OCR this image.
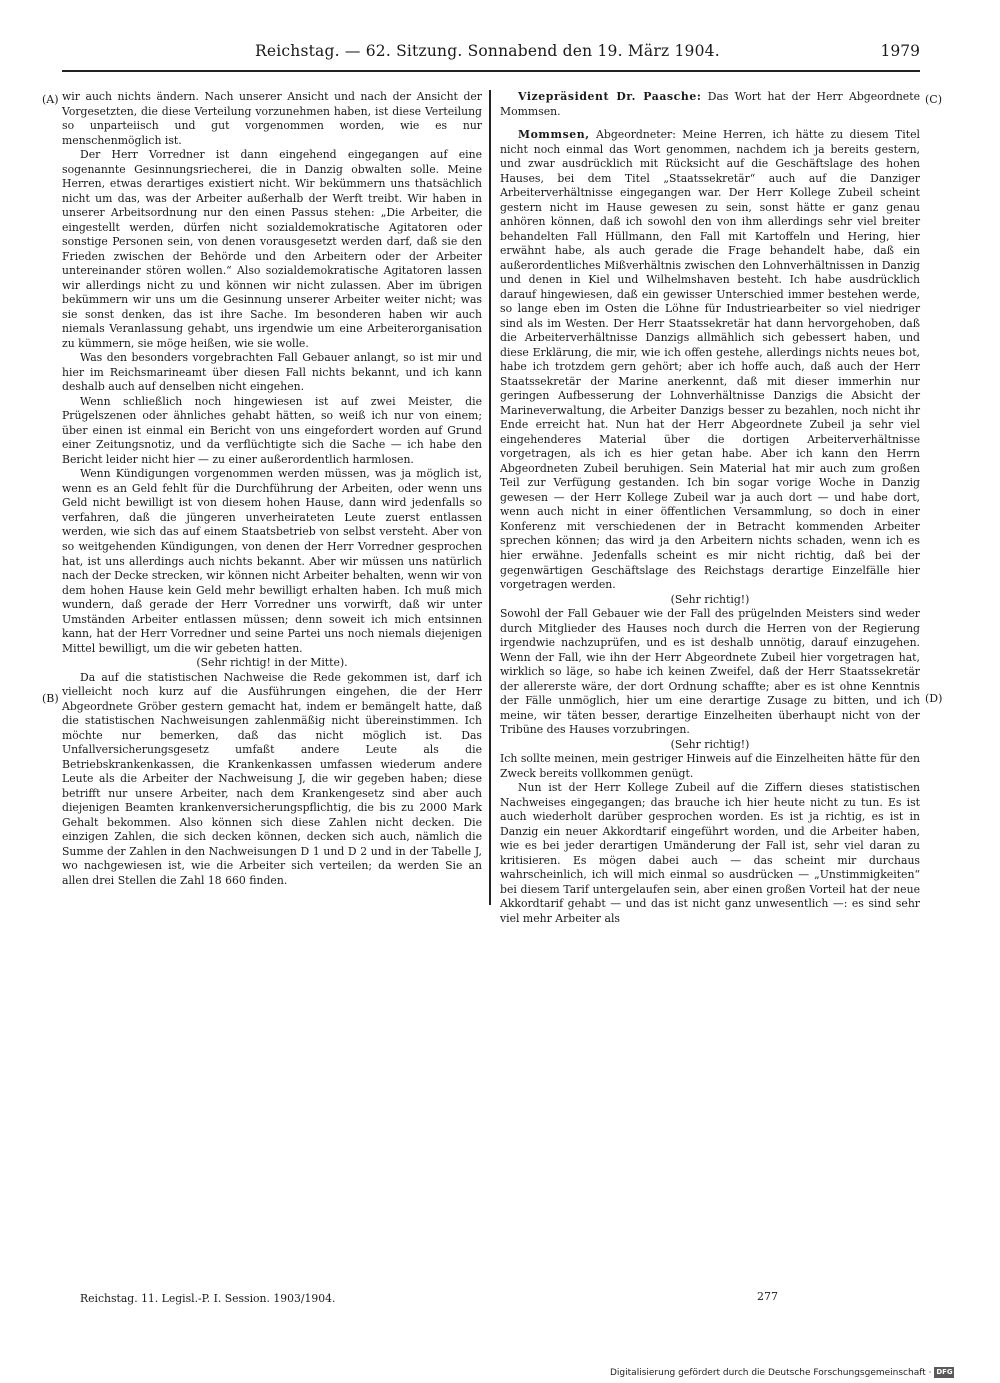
Reichstag. — 62. Sitzung. Sonnabend den 19. März 1904.	1979
(A)
(B)
(C)
(D)

wir auch nichts ändern. Nach unserer Ansicht und nach der Ansicht der Vorgesetzten, die diese Verteilung vorzunehmen haben, ist diese Verteilung so unparteiisch und gut vorgenommen worden, wie es nur menschenmöglich ist.

Der Herr Vorredner ist dann eingehend eingegangen auf eine sogenannte Gesinnungsriecherei, die in Danzig obwalten solle. Meine Herren, etwas derartiges existiert nicht. Wir bekümmern uns thatsächlich nicht um das, was der Arbeiter außerhalb der Werft treibt. Wir haben in unserer Arbeitsordnung nur den einen Passus stehen: „Die Arbeiter, die eingestellt werden, dürfen nicht sozialdemokratische Agitatoren oder sonstige Personen sein, von denen vorausgesetzt werden darf, daß sie den Frieden zwischen der Behörde und den Arbeitern oder der Arbeiter untereinander stören wollen.“ Also sozialdemokratische Agitatoren lassen wir allerdings nicht zu und können wir nicht zulassen. Aber im übrigen bekümmern wir uns um die Gesinnung unserer Arbeiter weiter nicht; was sie sonst denken, das ist ihre Sache. Im besonderen haben wir auch niemals Veranlassung gehabt, uns irgendwie um eine Arbeiterorganisation zu kümmern, sie möge heißen, wie sie wolle.

Was den besonders vorgebrachten Fall Gebauer anlangt, so ist mir und hier im Reichsmarineamt über diesen Fall nichts bekannt, und ich kann deshalb auch auf denselben nicht eingehen.

Wenn schließlich noch hingewiesen ist auf zwei Meister, die Prügelszenen oder ähnliches gehabt hätten, so weiß ich nur von einem; über einen ist einmal ein Bericht von uns eingefordert worden auf Grund einer Zeitungsnotiz, und da verflüchtigte sich die Sache — ich habe den Bericht leider nicht hier — zu einer außerordentlich harmlosen.

Wenn Kündigungen vorgenommen werden müssen, was ja möglich ist, wenn es an Geld fehlt für die Durchführung der Arbeiten, oder wenn uns Geld nicht bewilligt ist von diesem hohen Hause, dann wird jedenfalls so verfahren, daß die jüngeren unverheirateten Leute zuerst entlassen werden, wie sich das auf einem Staatsbetrieb von selbst versteht. Aber von so weitgehenden Kündigungen, von denen der Herr Vorredner gesprochen hat, ist uns allerdings auch nichts bekannt. Aber wir müssen uns natürlich nach der Decke strecken, wir können nicht Arbeiter behalten, wenn wir von dem hohen Hause kein Geld mehr bewilligt erhalten haben. Ich muß mich wundern, daß gerade der Herr Vorredner uns vorwirft, daß wir unter Umständen Arbeiter entlassen müssen; denn soweit ich mich entsinnen kann, hat der Herr Vorredner und seine Partei uns noch niemals diejenigen Mittel bewilligt, um die wir gebeten hatten.

(Sehr richtig! in der Mitte).

Da auf die statistischen Nachweise die Rede gekommen ist, darf ich vielleicht noch kurz auf die Ausführungen eingehen, die der Herr Abgeordnete Gröber gestern gemacht hat, indem er bemängelt hatte, daß die statistischen Nachweisungen zahlenmäßig nicht übereinstimmen. Ich möchte nur bemerken, daß das nicht möglich ist. Das Unfallversicherungsgesetz umfaßt andere Leute als die Betriebskrankenkassen, die Krankenkassen umfassen wiederum andere Leute als die Arbeiter der Nachweisung J, die wir gegeben haben; diese betrifft nur unsere Arbeiter, nach dem Krankengesetz sind aber auch diejenigen Beamten krankenversicherungspflichtig, die bis zu 2000 Mark Gehalt bekommen. Also können sich diese Zahlen nicht decken. Die einzigen Zahlen, die sich decken können, decken sich auch, nämlich die Summe der Zahlen in den Nachweisungen D 1 und D 2 und in der Tabelle J, wo nachgewiesen ist, wie die Arbeiter sich verteilen; da werden Sie an allen drei Stellen die Zahl 18 660 finden.

Vizepräsident Dr. Paasche: Das Wort hat der Herr Abgeordnete Mommsen.

Mommsen, Abgeordneter: Meine Herren, ich hätte zu diesem Titel nicht noch einmal das Wort genommen, nachdem ich ja bereits gestern, und zwar ausdrücklich mit Rücksicht auf die Geschäftslage des hohen Hauses, bei dem Titel „Staatssekretär“ auch auf die Danziger Arbeiterverhältnisse eingegangen war. Der Herr Kollege Zubeil scheint gestern nicht im Hause gewesen zu sein, sonst hätte er ganz genau anhören können, daß ich sowohl den von ihm allerdings sehr viel breiter behandelten Fall Hüllmann, den Fall mit Kartoffeln und Hering, hier erwähnt habe, als auch gerade die Frage behandelt habe, daß ein außerordentliches Mißverhältnis zwischen den Lohnverhältnissen in Danzig und denen in Kiel und Wilhelmshaven besteht. Ich habe ausdrücklich darauf hingewiesen, daß ein gewisser Unterschied immer bestehen werde, so lange eben im Osten die Löhne für Industriearbeiter so viel niedriger sind als im Westen. Der Herr Staatssekretär hat dann hervorgehoben, daß die Arbeiterverhältnisse Danzigs allmählich sich gebessert haben, und diese Erklärung, die mir, wie ich offen gestehe, allerdings nichts neues bot, habe ich trotzdem gern gehört; aber ich hoffe auch, daß auch der Herr Staatssekretär der Marine anerkennt, daß mit dieser immerhin nur geringen Aufbesserung der Lohnverhältnisse Danzigs die Absicht der Marineverwaltung, die Arbeiter Danzigs besser zu bezahlen, noch nicht ihr Ende erreicht hat. Nun hat der Herr Abgeordnete Zubeil ja sehr viel eingehenderes Material über die dortigen Arbeiterverhältnisse vorgetragen, als ich es hier getan habe. Aber ich kann den Herrn Abgeordneten Zubeil beruhigen. Sein Material hat mir auch zum großen Teil zur Verfügung gestanden. Ich bin sogar vorige Woche in Danzig gewesen — der Herr Kollege Zubeil war ja auch dort — und habe dort, wenn auch nicht in einer öffentlichen Versammlung, so doch in einer Konferenz mit verschiedenen der in Betracht kommenden Arbeiter sprechen können; das wird ja den Arbeitern nichts schaden, wenn ich es hier erwähne. Jedenfalls scheint es mir nicht richtig, daß bei der gegenwärtigen Geschäftslage des Reichstags derartige Einzelfälle hier vorgetragen werden.

(Sehr richtig!)

Sowohl der Fall Gebauer wie der Fall des prügelnden Meisters sind weder durch Mitglieder des Hauses noch durch die Herren von der Regierung irgendwie nachzuprüfen, und es ist deshalb unnötig, darauf einzugehen. Wenn der Fall, wie ihn der Herr Abgeordnete Zubeil hier vorgetragen hat, wirklich so läge, so habe ich keinen Zweifel, daß der Herr Staatssekretär der allererste wäre, der dort Ordnung schaffte; aber es ist ohne Kenntnis der Fälle unmöglich, hier um eine derartige Zusage zu bitten, und ich meine, wir täten besser, derartige Einzelheiten überhaupt nicht von der Tribüne des Hauses vorzubringen.

(Sehr richtig!)

Ich sollte meinen, mein gestriger Hinweis auf die Einzelheiten hätte für den Zweck bereits vollkommen genügt.

Nun ist der Herr Kollege Zubeil auf die Ziffern dieses statistischen Nachweises eingegangen; das brauche ich hier heute nicht zu tun. Es ist auch wiederholt darüber gesprochen worden. Es ist ja richtig, es ist in Danzig ein neuer Akkordtarif eingeführt worden, und die Arbeiter haben, wie es bei jeder derartigen Umänderung der Fall ist, sehr viel daran zu kritisieren. Es mögen dabei auch — das scheint mir durchaus wahrscheinlich, ich will mich einmal so ausdrücken — „Unstimmigkeiten“ bei diesem Tarif untergelaufen sein, aber einen großen Vorteil hat der neue Akkordtarif gehabt — und das ist nicht ganz unwesentlich —: es sind sehr viel mehr Arbeiter als

Reichstag. 11. Legisl.-P. I. Session. 1903/1904.	277
Digitalisierung gefördert durch die Deutsche Forschungsgemeinschaft · DFG
